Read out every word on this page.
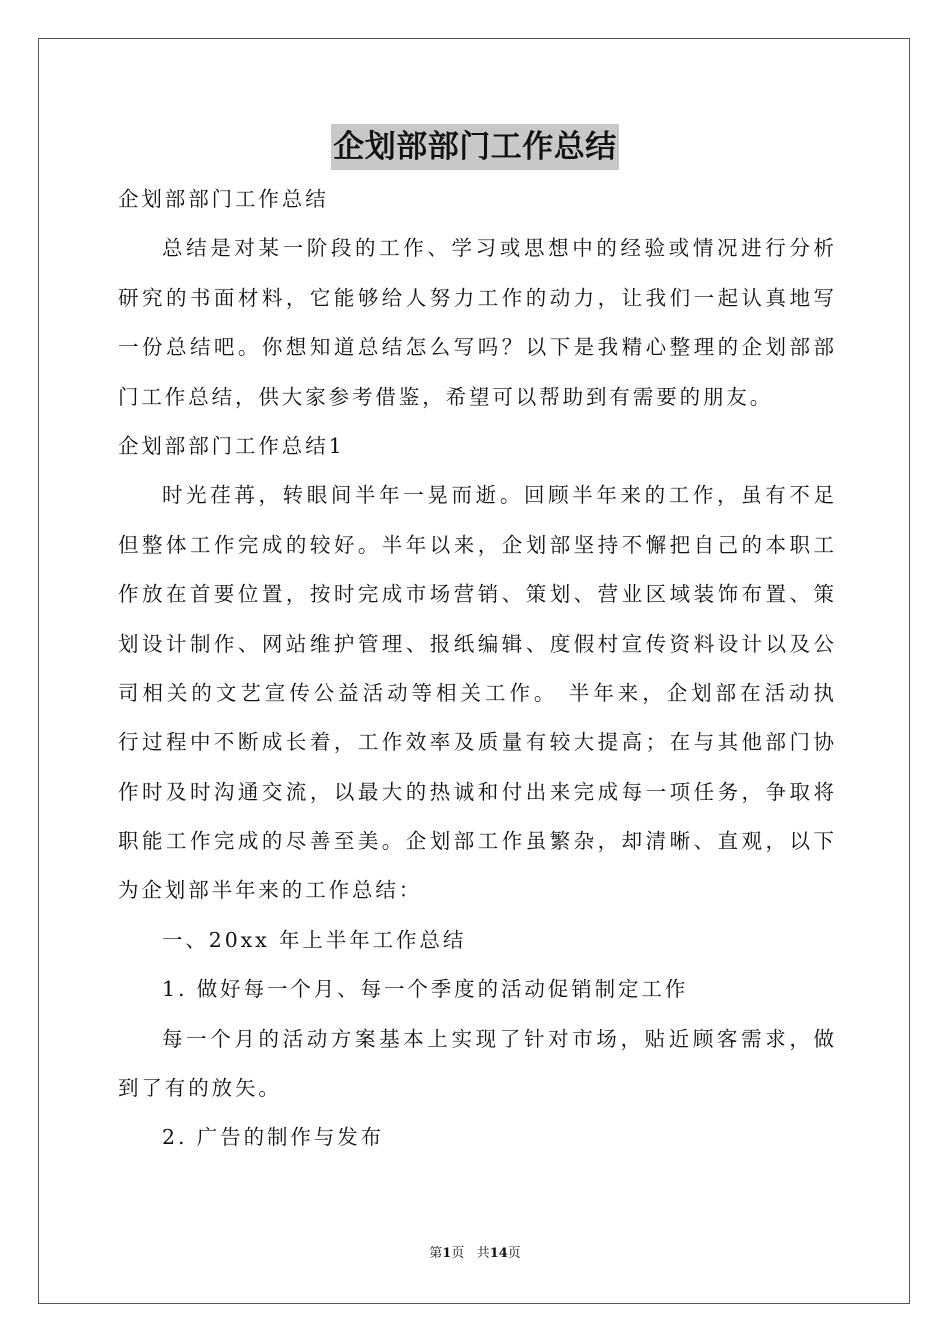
企划部部门工作总结
企划部部门工作总结
总结是对某一阶段的工作、学习或思想中的经验或情况进行分析
研究的书面材料，它能够给人努力工作的动力，让我们一起认真地写
一份总结吧。你想知道总结怎么写吗？以下是我精心整理的企划部部
门工作总结，供大家参考借鉴，希望可以帮助到有需要的朋友。
企划部部门工作总结1
时光荏苒，转眼间半年一晃而逝。回顾半年来的工作，虽有不足
但整体工作完成的较好。半年以来，企划部坚持不懈把自己的本职工
作放在首要位置，按时完成市场营销、策划、营业区域装饰布置、策
划设计制作、网站维护管理、报纸编辑、度假村宣传资料设计以及公
司相关的文艺宣传公益活动等相关工作。 半年来，企划部在活动执
行过程中不断成长着，工作效率及质量有较大提高；在与其他部门协
作时及时沟通交流，以最大的热诚和付出来完成每一项任务，争取将
职能工作完成的尽善至美。企划部工作虽繁杂，却清晰、直观，以下
为企划部半年来的工作总结：
一、20xx 年上半年工作总结
1. 做好每一个月、每一个季度的活动促销制定工作
每一个月的活动方案基本上实现了针对市场，贴近顾客需求，做
到了有的放矢。
2. 广告的制作与发布
第1页 共14页
